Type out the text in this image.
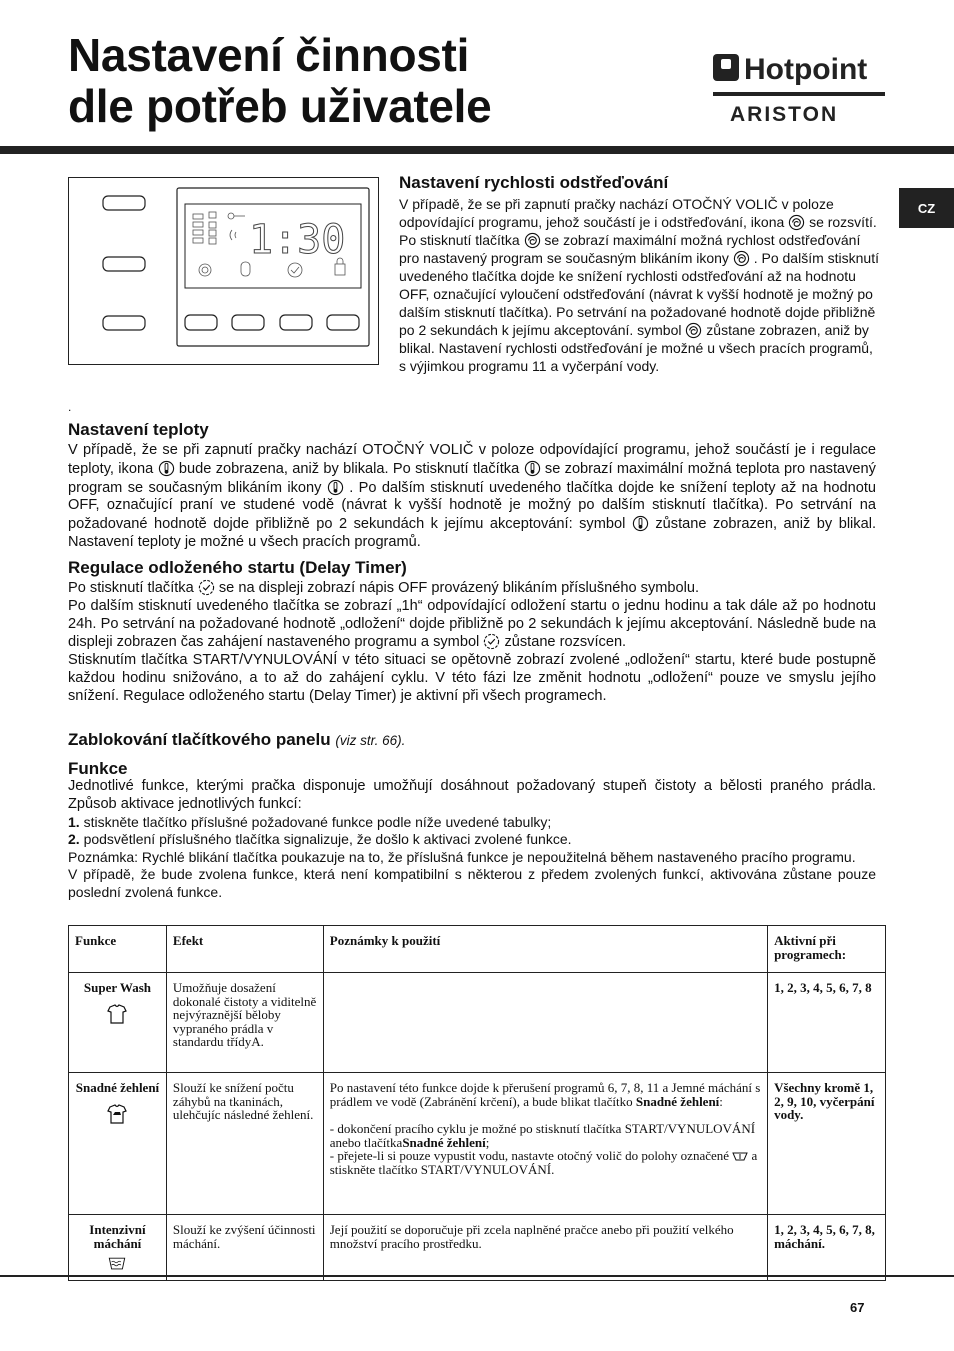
Nastavení činnosti
dle potřeb uživatele
Hotpoint
ARISTON
CZ
1:30
Nastavení rychlosti odstřeďování
V případě, že se při zapnutí pračky nachází OTOČNÝ VOLIČ v poloze odpovídající programu, jehož součástí je i odstřeďování, ikona se rozsvítí. Po stisknutí tlačítka se zobrazí maximální možná rychlost odstřeďování pro nastavený program se současným blikáním ikony . Po dalším stisknutí uvedeného tlačítka dojde ke snížení rychlosti odstřeďování až na hodnotu OFF, označující vyloučení odstřeďování (návrat k vyšší hodnotě je možný po dalším stisknutí tlačítka). Po setrvání na požadované hodnotě dojde přibližně po 2 sekundách k jejímu akceptování. symbol zůstane zobrazen, aniž by blikal. Nastavení rychlosti odstřeďování je možné u všech pracích programů, s výjimkou programu 11 a vyčerpání vody.
.
Nastavení teploty
V případě, že se při zapnutí pračky nachází OTOČNÝ VOLIČ v poloze odpovídající programu, jehož součástí je i regulace teploty, ikona bude zobrazena, aniž by blikala. Po stisknutí tlačítka se zobrazí maximální možná teplota pro nastavený program se současným blikáním ikony . Po dalším stisknutí uvedeného tlačítka dojde ke snížení teploty až na hodnotu OFF, označující praní ve studené vodě (návrat k vyšší hodnotě je možný po dalším stisknutí tlačítka). Po setrvání na požadované hodnotě dojde přibližně po 2 sekundách k jejímu akceptování: symbol zůstane zobrazen, aniž by blikal. Nastavení teploty je možné u všech pracích programů.
Regulace odloženého startu (Delay Timer)

Po stisknutí tlačítka se na displeji zobrazí nápis OFF provázený blikáním příslušného symbolu.

Po dalším stisknutí uvedeného tlačítka se zobrazí „1h“ odpovídající odložení startu o jednu hodinu a tak dále až po hodnotu 24h. Po setrvání na požadované hodnotě „odložení“ dojde přibližně po 2 sekundách k jejímu akceptování. Následně bude na displeji zobrazen čas zahájení nastaveného programu a symbol zůstane rozsvícen.

Stisknutím tlačítka START/VYNULOVÁNÍ v této situaci se opětovně zobrazí zvolené „odložení“ startu, které bude postupně každou hodinu snižováno, a to až do zahájení cyklu. V této fázi lze změnit hodnotu „odložení“ pouze ve smyslu jejího snížení. Regulace odloženého startu (Delay Timer) je aktivní při všech programech.

Zablokování tlačítkového panelu (viz str. 66).
Funkce

Jednotlivé funkce, kterými pračka disponuje umožňují dosáhnout požadovaný stupeň čistoty a bělosti praného prádla. Způsob aktivace jednotlivých funkcí:

1. stiskněte tlačítko příslušné požadované funkce podle níže uvedené tabulky;

2. podsvětlení příslušného tlačítka signalizuje, že došlo k aktivaci zvolené funkce.

Poznámka: Rychlé blikání tlačítka poukazuje na to, že příslušná funkce je nepoužitelná během nastaveného pracího programu.

V případě, že bude zvolena funkce, která není kompatibilní s některou z předem zvolených funkcí, aktivována zůstane pouze poslední zvolená funkce.

Funkce	Efekt	Poznámky k použití	Aktivní při programech:

Super Wash	Umožňuje dosažení dokonalé čistoty a viditelně nejvýraznější běloby vypraného prádla v standardu třídyA.		1, 2, 3, 4, 5, 6, 7, 8

Snadné žehlení	Slouží ke snížení počtu záhybů na tkaninách, ulehčujíc následné žehlení.	Po nastavení této funkce dojde k přerušení programů 6, 7, 8, 11 a Jemné máchání s prádlem ve vodě (Zabránění krčení), a bude blikat tlačítko Snadné žehlení:
- dokončení pracího cyklu je možné po stisknutí tlačítka START/VYNULOVÁNÍ anebo tlačítkaSnadné žehlení;
- přejete-li si pouze vypustit vodu, nastavte otočný volič do polohy označené a stiskněte tlačítko START/VYNULOVÁNÍ.	Všechny kromě 1, 2, 9, 10, vyčerpání vody.

Intenzivní máchání	Slouží ke zvýšení účinnosti máchání.	Její použití se doporučuje při zcela naplněné pračce anebo při použití velkého množství pracího prostředku.	1, 2, 3, 4, 5, 6, 7, 8, máchání.
67
